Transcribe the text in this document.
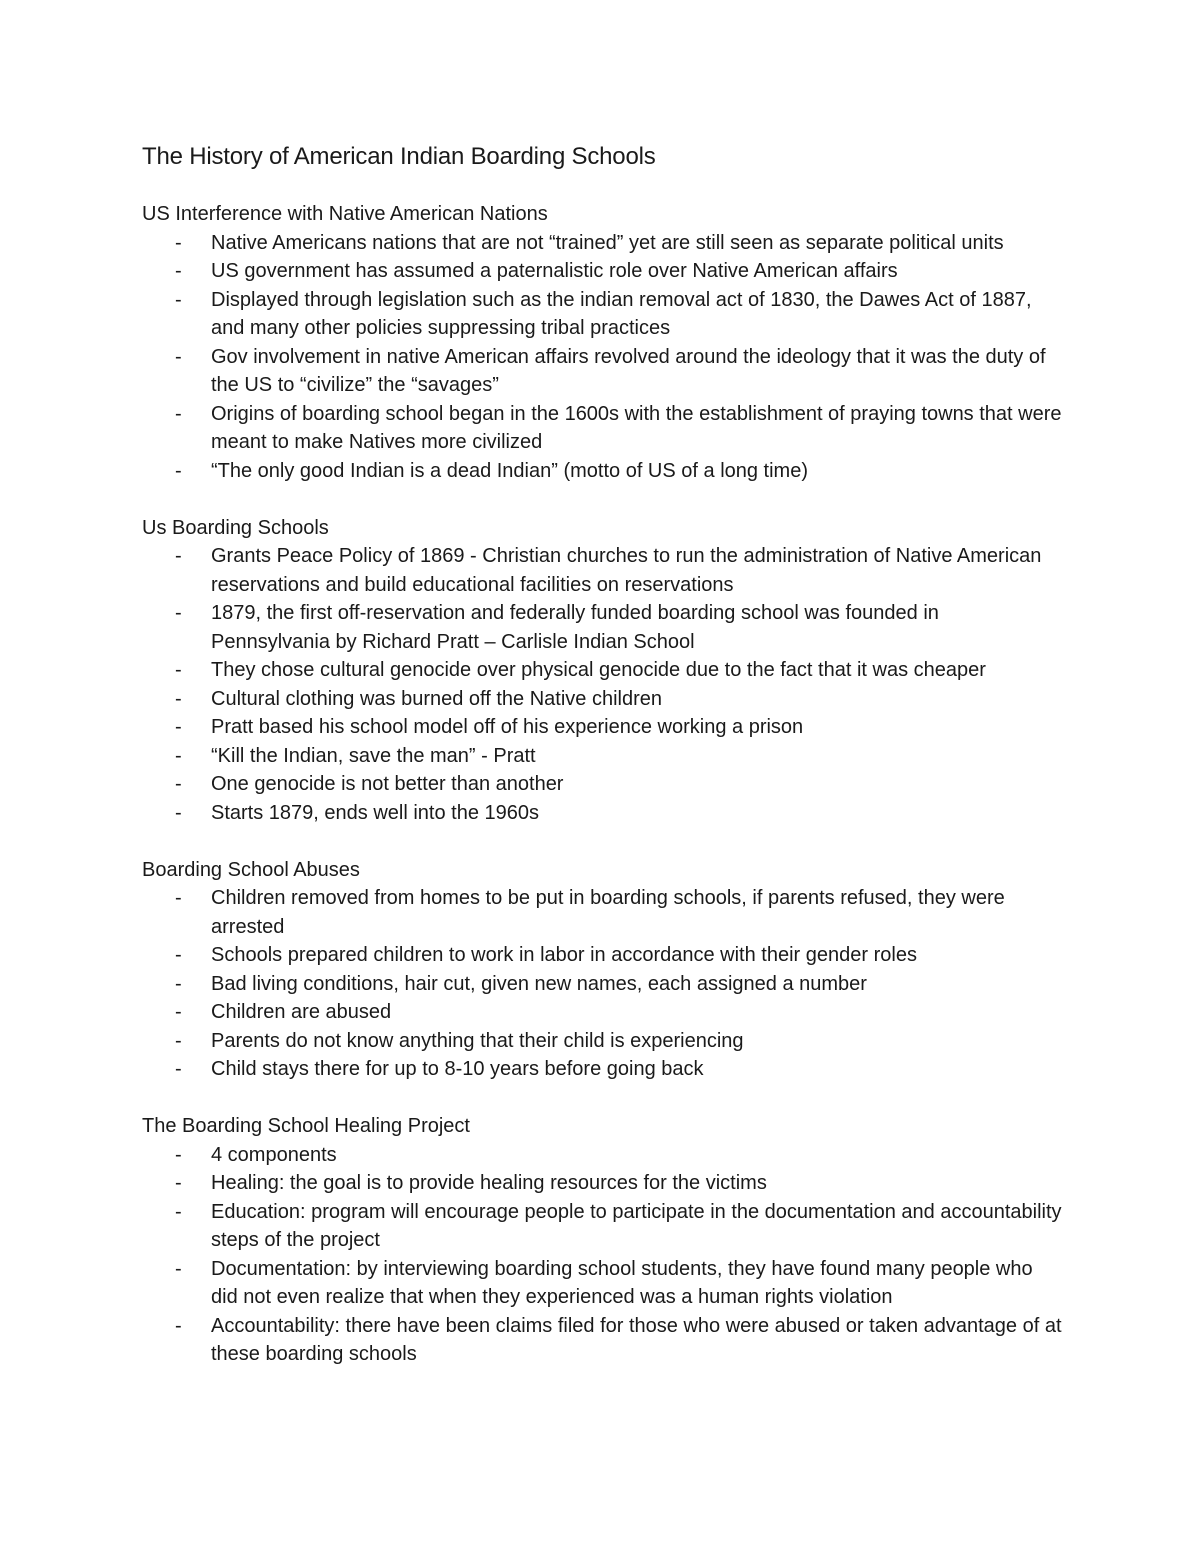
The History of American Indian Boarding Schools
US Interference with Native American Nations
- Native Americans nations that are not “trained” yet are still seen as separate political units
- US government has assumed a paternalistic role over Native American affairs
- Displayed through legislation such as the indian removal act of 1830, the Dawes Act of 1887, and many other policies suppressing tribal practices
- Gov involvement in native American affairs revolved around the ideology that it was the duty of the US to “civilize” the “savages”
- Origins of boarding school began in the 1600s with the establishment of praying towns that were meant to make Natives more civilized
- “The only good Indian is a dead Indian” (motto of US of a long time)
Us Boarding Schools
- Grants Peace Policy of 1869 - Christian churches to run the administration of Native American reservations and build educational facilities on reservations
- 1879, the first off-reservation and federally funded boarding school was founded in Pennsylvania by Richard Pratt – Carlisle Indian School
- They chose cultural genocide over physical genocide due to the fact that it was cheaper
- Cultural clothing was burned off the Native children
- Pratt based his school model off of his experience working a prison
- “Kill the Indian, save the man” - Pratt
- One genocide is not better than another
- Starts 1879, ends well into the 1960s
Boarding School Abuses
- Children removed from homes to be put in boarding schools, if parents refused, they were arrested
- Schools prepared children to work in labor in accordance with their gender roles
- Bad living conditions, hair cut, given new names, each assigned a number
- Children are abused
- Parents do not know anything that their child is experiencing
- Child stays there for up to 8-10 years before going back
The Boarding School Healing Project
- 4 components
- Healing: the goal is to provide healing resources for the victims
- Education: program will encourage people to participate in the documentation and accountability steps of the project
- Documentation: by interviewing boarding school students, they have found many people who did not even realize that when they experienced was a human rights violation
- Accountability: there have been claims filed for those who were abused or taken advantage of at these boarding schools
